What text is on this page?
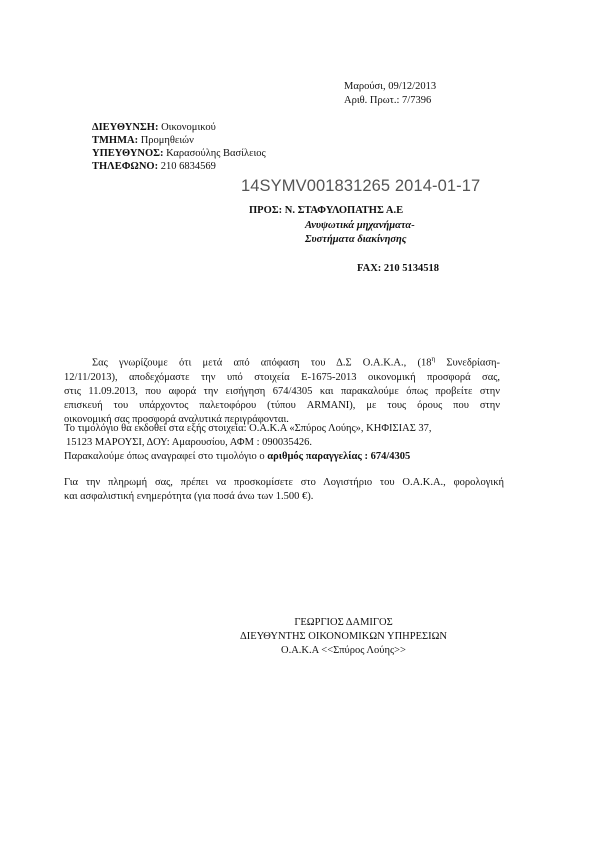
Μαρούσι, 09/12/2013
Αριθ. Πρωτ.: 7/7396
ΔΙΕΥΘΥΝΣΗ: Οικονομικού
ΤΜΗΜΑ: Προμηθειών
ΥΠΕΥΘΥΝΟΣ: Καρασούλης Βασίλειος
ΤΗΛΕΦΩΝΟ: 210 6834569
14SYMV001831265 2014-01-17
ΠΡΟΣ: Ν. ΣΤΑΦΥΛΟΠΑΤΗΣ Α.Ε
Ανυψωτικά μηχανήματα-
Συστήματα διακίνησης
FAX: 210 5134518
Σας γνωρίζουμε ότι μετά από απόφαση του Δ.Σ Ο.Α.Κ.Α., ($18^\eta$ Συνεδρίαση-
12/11/2013), αποδεχόμαστε την υπό στοιχεία Ε-1675-2013 οικονομική προσφορά σας,
στις 11.09.2013, που αφορά την εισήγηση 674/4305 και παρακαλούμε όπως προβείτε στην
επισκευή του υπάρχοντος παλετοφόρου (τύπου ARMANI), με τους όρους που στην
οικονομική σας προσφορά αναλυτικά περιγράφονται.
Το τιμολόγιο θα εκδοθεί στα εξής στοιχεία: Ο.Α.Κ.Α «Σπύρος Λούης», ΚΗΦΙΣΙΑΣ 37,
15123 ΜΑΡΟΥΣΙ, ΔΟΥ: Αμαρουσίου, ΑΦΜ : 090035426.
Παρακαλούμε όπως αναγραφεί στο τιμολόγιο ο αριθμός παραγγελίας : 674/4305
Για την πληρωμή σας, πρέπει να προσκομίσετε στο Λογιστήριο του Ο.Α.Κ.Α., φορολογική
και ασφαλιστική ενημερότητα (για ποσά άνω των 1.500 €).
ΓΕΩΡΓΙΟΣ ΔΑΜΙΓΟΣ
ΔΙΕΥΘΥΝΤΗΣ ΟΙΚΟΝΟΜΙΚΩΝ ΥΠΗΡΕΣΙΩΝ
Ο.Α.Κ.Α <<Σπύρος Λούης>>
